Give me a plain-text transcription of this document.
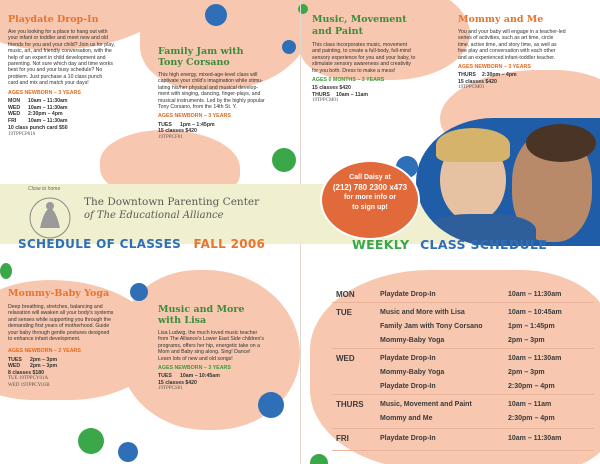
Playdate Drop-In
Are you looking for a place to hang out with
your infant or toddler and meet new and old
friends for you and your child? Join us for play,
music, art, and friendly conversation, with the
help of an expert in child development and
parenting. Not sure which day and time works
best for you and your busy schedule? No
problem. Just purchase a 10 class punch
card and mix and match your days!
AGES NEWBORN – 3 YEARS
MON	10am – 11:30am
WED	10am – 11:30am
WED	2:30pm – 4pm
FRI	10am – 11:30am
10 class punch card $50
19TPPCP010
Family Jam with
Tony Corsano
This high energy, mixed-age-level class will
captivate your child's imagination while stimu-
lating his/her physical and musical develop-
ment with singing, dancing, finger-plays, and
musical instruments. Led by the highly popular
Tony Corsano, from the 14th St. Y.
AGES NEWBORN – 3 YEARS
TUES	1pm – 1:45pm
15 classes $420
19TPPCF01
Music, Movement
and Paint
This class incorporates music, movement
and painting, to create a full-body, full-mind
sensory experience for you and your baby, to
stimulate sensory awareness and creativity
for you both. Dress to make a mess!
AGES 0 MONTHS – 3 YEARS
15 classes $420
THURS	10am – 11am
19TPPCM01
Mommy and Me
You and your baby will engage in a teacher-led
series of activities, such as art time, circle
time, active time, and story time, as well as
free play and conversation with each other
and an experienced infant-toddler teacher.
AGES NEWBORN – 3 YEARS
THURS	2:30pm – 4pm
15 classes $420
19TPPCM01
Close to home
The Downtown Parenting Center
of The Educational Alliance
Call Daisy at
(212) 780 2300 x473
for more info or
to sign up!
SCHEDULE OF CLASSES FALL 2006	WEEKLY CLASS SCHEDULE
Mommy-Baby Yoga
Deep breathing, stretches, balancing and
relaxation will awaken all your body's systems
and senses while supporting you through the
demanding first years of motherhood. Guide
your baby through gentle postures designed
to enhance infant development.
AGES NEWBORN – 2 YEARS
TUES	2pm – 3pm
WED	2pm – 3pm
8 classes $180
TUE 19TPPCY01A
WED 19TPPCY01B
Music and More
with Lisa
Lisa Ludwig, the much loved music teacher
from The Alliance's Lower East Side children's
programs, offers her hip, energetic take on a
Mom and Baby sing along. Sing! Dance!
Learn lots of new and old songs!
AGES NEWBORN – 3 YEARS
TUES	10am – 10:45am
15 classes $420
19TPPCS01
MON	Playdate Drop-In	10am – 11:30am
TUE	Music and More with Lisa	10am – 10:45am
Family Jam with Tony Corsano	1pm – 1:45pm
Mommy-Baby Yoga	2pm – 3pm
WED	Playdate Drop-In	10am – 11:30am
Mommy-Baby Yoga	2pm – 3pm
Playdate Drop-In	2:30pm – 4pm
THURS Music, Movement and Paint	10am – 11am
Mommy and Me	2:30pm – 4pm
FRI	Playdate Drop-In	10am – 11:30am
